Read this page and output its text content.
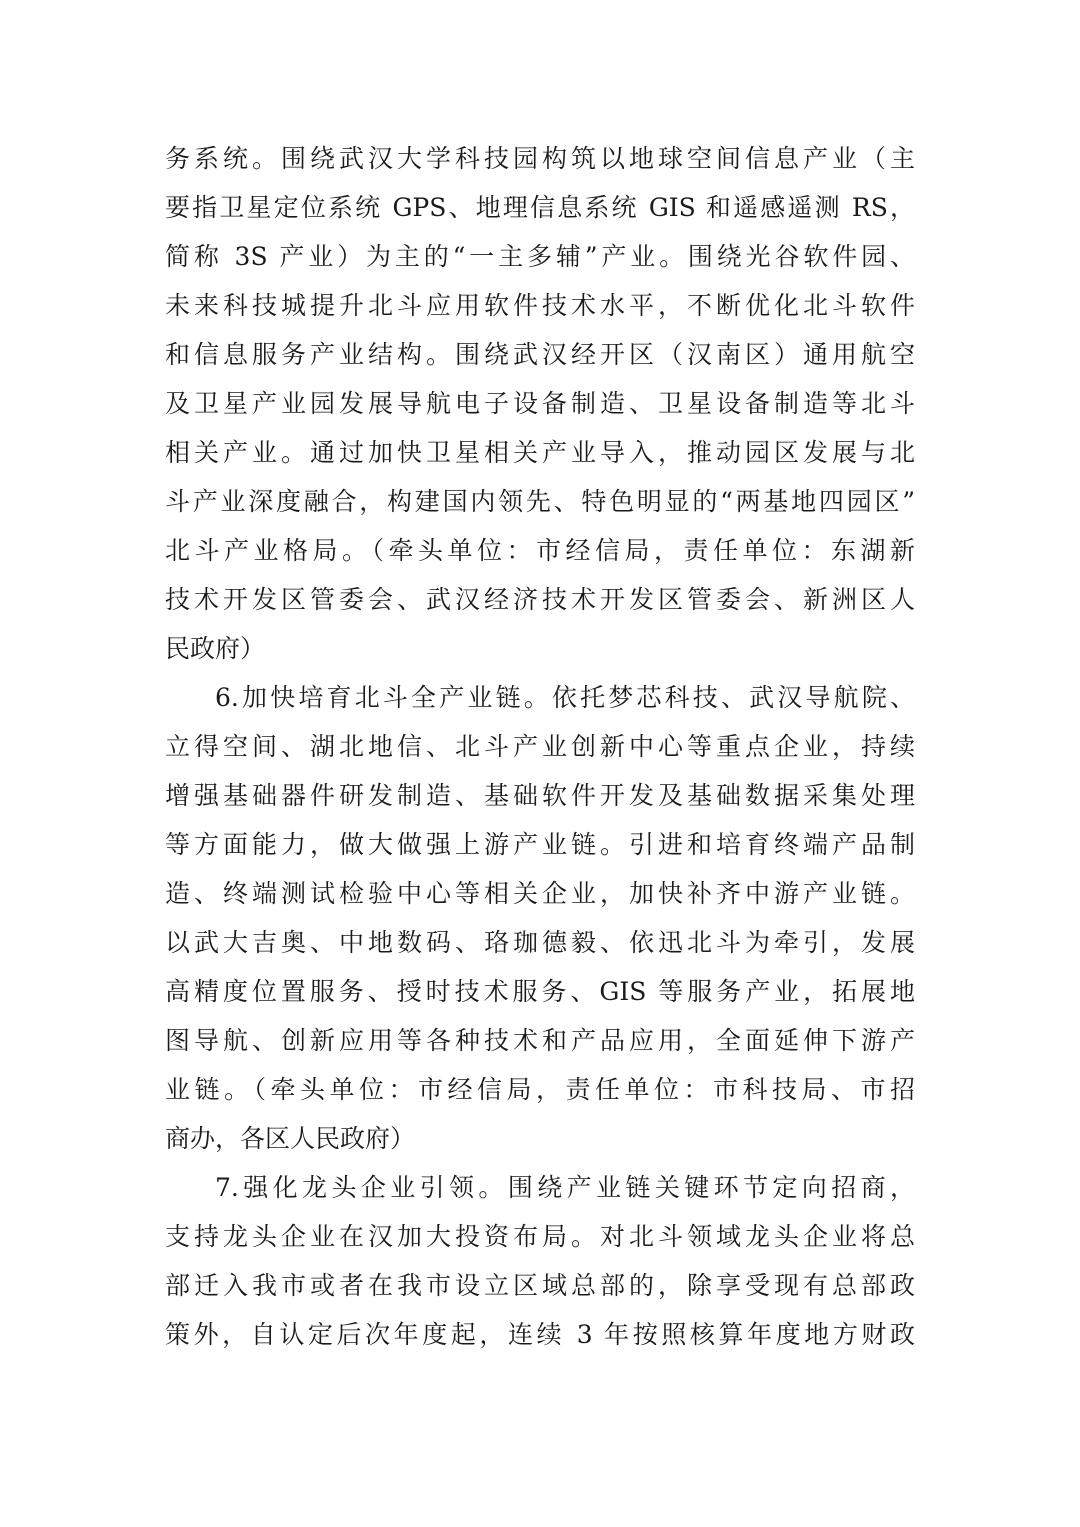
务系统。围绕武汉大学科技园构筑以地球空间信息产业（主
要指卫星定位系统 GPS、地理信息系统 GIS 和遥感遥测 RS，
简称 3S 产业）为主的“一主多辅”产业。围绕光谷软件园、
未来科技城提升北斗应用软件技术水平，不断优化北斗软件
和信息服务产业结构。围绕武汉经开区（汉南区）通用航空
及卫星产业园发展导航电子设备制造、卫星设备制造等北斗
相关产业。通过加快卫星相关产业导入，推动园区发展与北
斗产业深度融合，构建国内领先、特色明显的“两基地四园区”
北斗产业格局。（牵头单位：市经信局，责任单位：东湖新
技术开发区管委会、武汉经济技术开发区管委会、新洲区人
民政府）
6.加快培育北斗全产业链。依托梦芯科技、武汉导航院、
立得空间、湖北地信、北斗产业创新中心等重点企业，持续
增强基础器件研发制造、基础软件开发及基础数据采集处理
等方面能力，做大做强上游产业链。引进和培育终端产品制
造、终端测试检验中心等相关企业，加快补齐中游产业链。
以武大吉奥、中地数码、珞珈德毅、依迅北斗为牵引，发展
高精度位置服务、授时技术服务、GIS 等服务产业，拓展地
图导航、创新应用等各种技术和产品应用，全面延伸下游产
业链。（牵头单位：市经信局，责任单位：市科技局、市招
商办，各区人民政府）
7.强化龙头企业引领。围绕产业链关键环节定向招商，
支持龙头企业在汉加大投资布局。对北斗领域龙头企业将总
部迁入我市或者在我市设立区域总部的，除享受现有总部政
策外，自认定后次年度起，连续 3 年按照核算年度地方财政
